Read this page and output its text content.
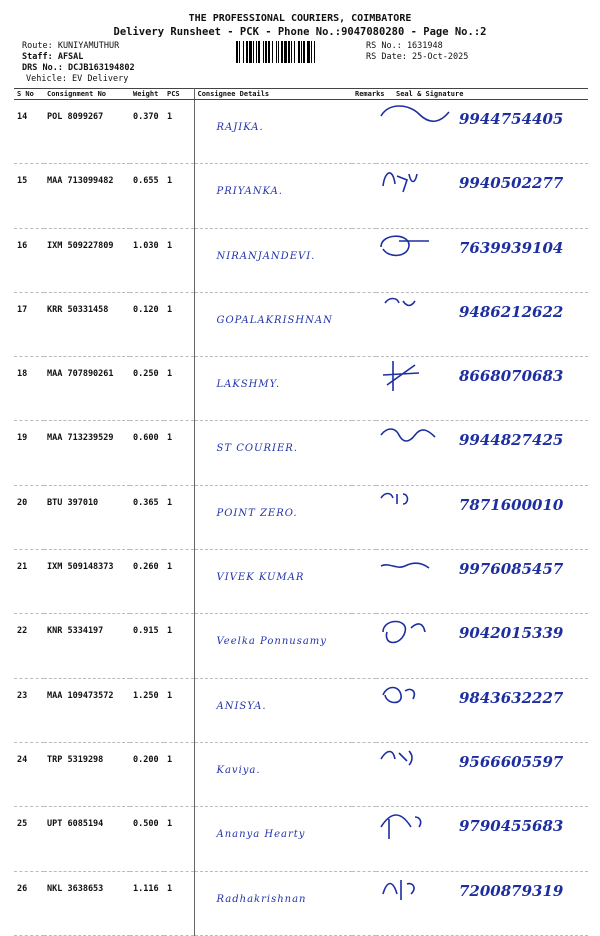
THE PROFESSIONAL COURIERS, COIMBATORE
Delivery Runsheet - PCK - Phone No.:9047080280 - Page No.:2
Route: KUNIYAMUTHUR
Staff: AFSAL
DRS No.: DCJB163194802
Vehicle: EV Delivery
RS No.: 1631948
RS Date: 25-Oct-2025
S No	Consignment No	Weight	PCS	Consignee Details	Remarks	Seal & Signature
14	POL 8099267	0.370	1	RAJIKA.		9944754405

15	MAA 713099482	0.655	1	PRIYANKA.		9940502277

16	IXM 509227809	1.030	1	NIRANJANDEVI.		7639939104

17	KRR 50331458	0.120	1	GOPALAKRISHNAN		9486212622

18	MAA 707890261	0.250	1	LAKSHMY.		8668070683

19	MAA 713239529	0.600	1	ST COURIER.		9944827425

20	BTU 397010	0.365	1	POINT ZERO.		7871600010

21	IXM 509148373	0.260	1	VIVEK KUMAR		9976085457

22	KNR 5334197	0.915	1	Veelka Ponnusamy		9042015339

23	MAA 109473572	1.250	1	ANISYA.		9843632227

24	TRP 5319298	0.200	1	Kaviya.		9566605597

25	UPT 6085194	0.500	1	Ananya Hearty		9790455683

26	NKL 3638653	1.116	1	Radhakrishnan		7200879319
